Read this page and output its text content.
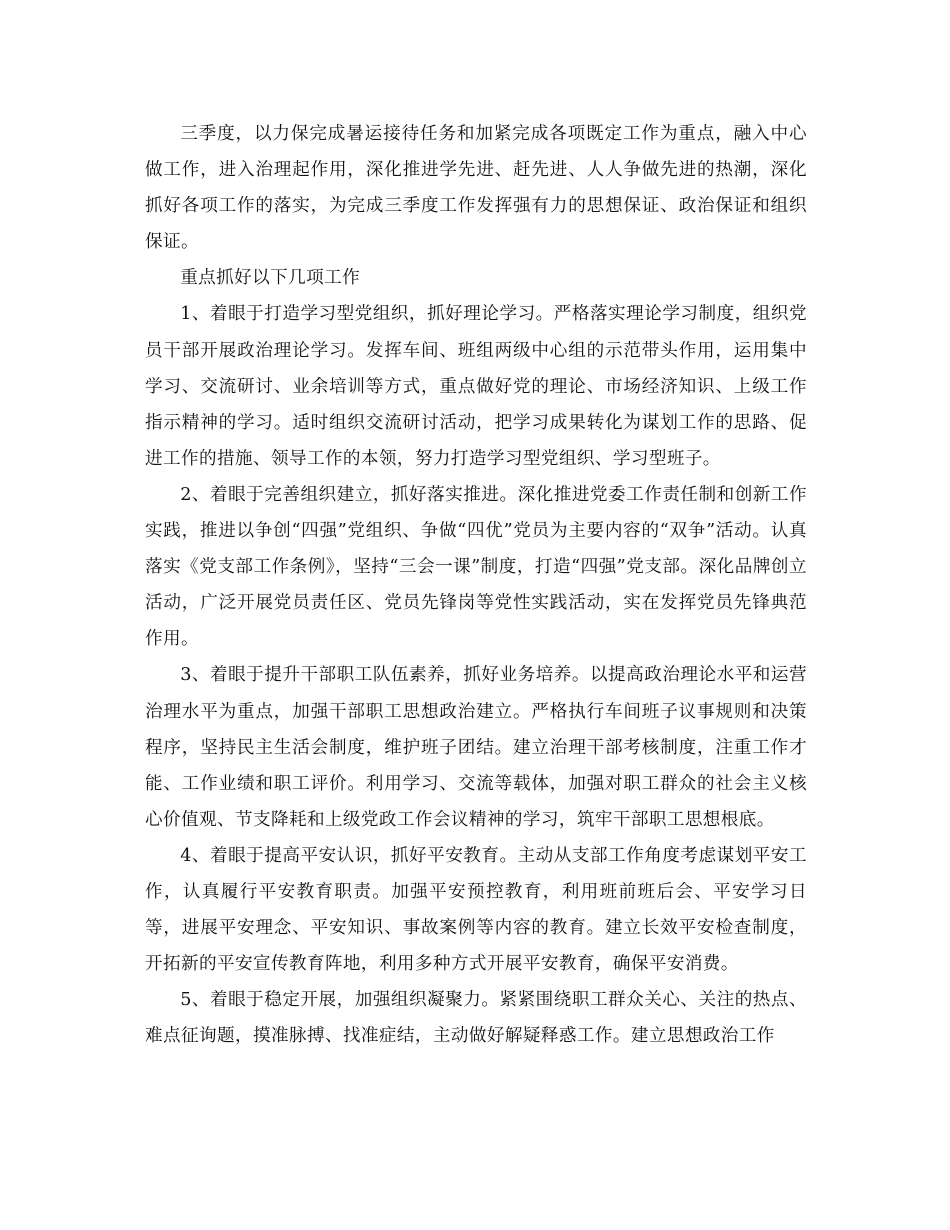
三季度，以力保完成暑运接待任务和加紧完成各项既定工作为重点，融入中心做工作，进入治理起作用，深化推进学先进、赶先进、人人争做先进的热潮，深化抓好各项工作的落实，为完成三季度工作发挥强有力的思想保证、政治保证和组织保证。

重点抓好以下几项工作

1、着眼于打造学习型党组织，抓好理论学习。严格落实理论学习制度，组织党员干部开展政治理论学习。发挥车间、班组两级中心组的示范带头作用，运用集中学习、交流研讨、业余培训等方式，重点做好党的理论、市场经济知识、上级工作指示精神的学习。适时组织交流研讨活动，把学习成果转化为谋划工作的思路、促进工作的措施、领导工作的本领，努力打造学习型党组织、学习型班子。

2、着眼于完善组织建立，抓好落实推进。深化推进党委工作责任制和创新工作实践，推进以争创“四强”党组织、争做“四优”党员为主要内容的“双争”活动。认真落实《党支部工作条例》，坚持“三会一课”制度，打造“四强”党支部。深化品牌创立活动，广泛开展党员责任区、党员先锋岗等党性实践活动，实在发挥党员先锋典范作用。

3、着眼于提升干部职工队伍素养，抓好业务培养。以提高政治理论水平和运营治理水平为重点，加强干部职工思想政治建立。严格执行车间班子议事规则和决策程序，坚持民主生活会制度，维护班子团结。建立治理干部考核制度，注重工作才能、工作业绩和职工评价。利用学习、交流等载体，加强对职工群众的社会主义核心价值观、节支降耗和上级党政工作会议精神的学习，筑牢干部职工思想根底。

4、着眼于提高平安认识，抓好平安教育。主动从支部工作角度考虑谋划平安工作，认真履行平安教育职责。加强平安预控教育，利用班前班后会、平安学习日等，进展平安理念、平安知识、事故案例等内容的教育。建立长效平安检查制度，开拓新的平安宣传教育阵地，利用多种方式开展平安教育，确保平安消费。

5、着眼于稳定开展，加强组织凝聚力。紧紧围绕职工群众关心、关注的热点、难点征询题，摸准脉搏、找准症结，主动做好解疑释惑工作。建立思想政治工作
